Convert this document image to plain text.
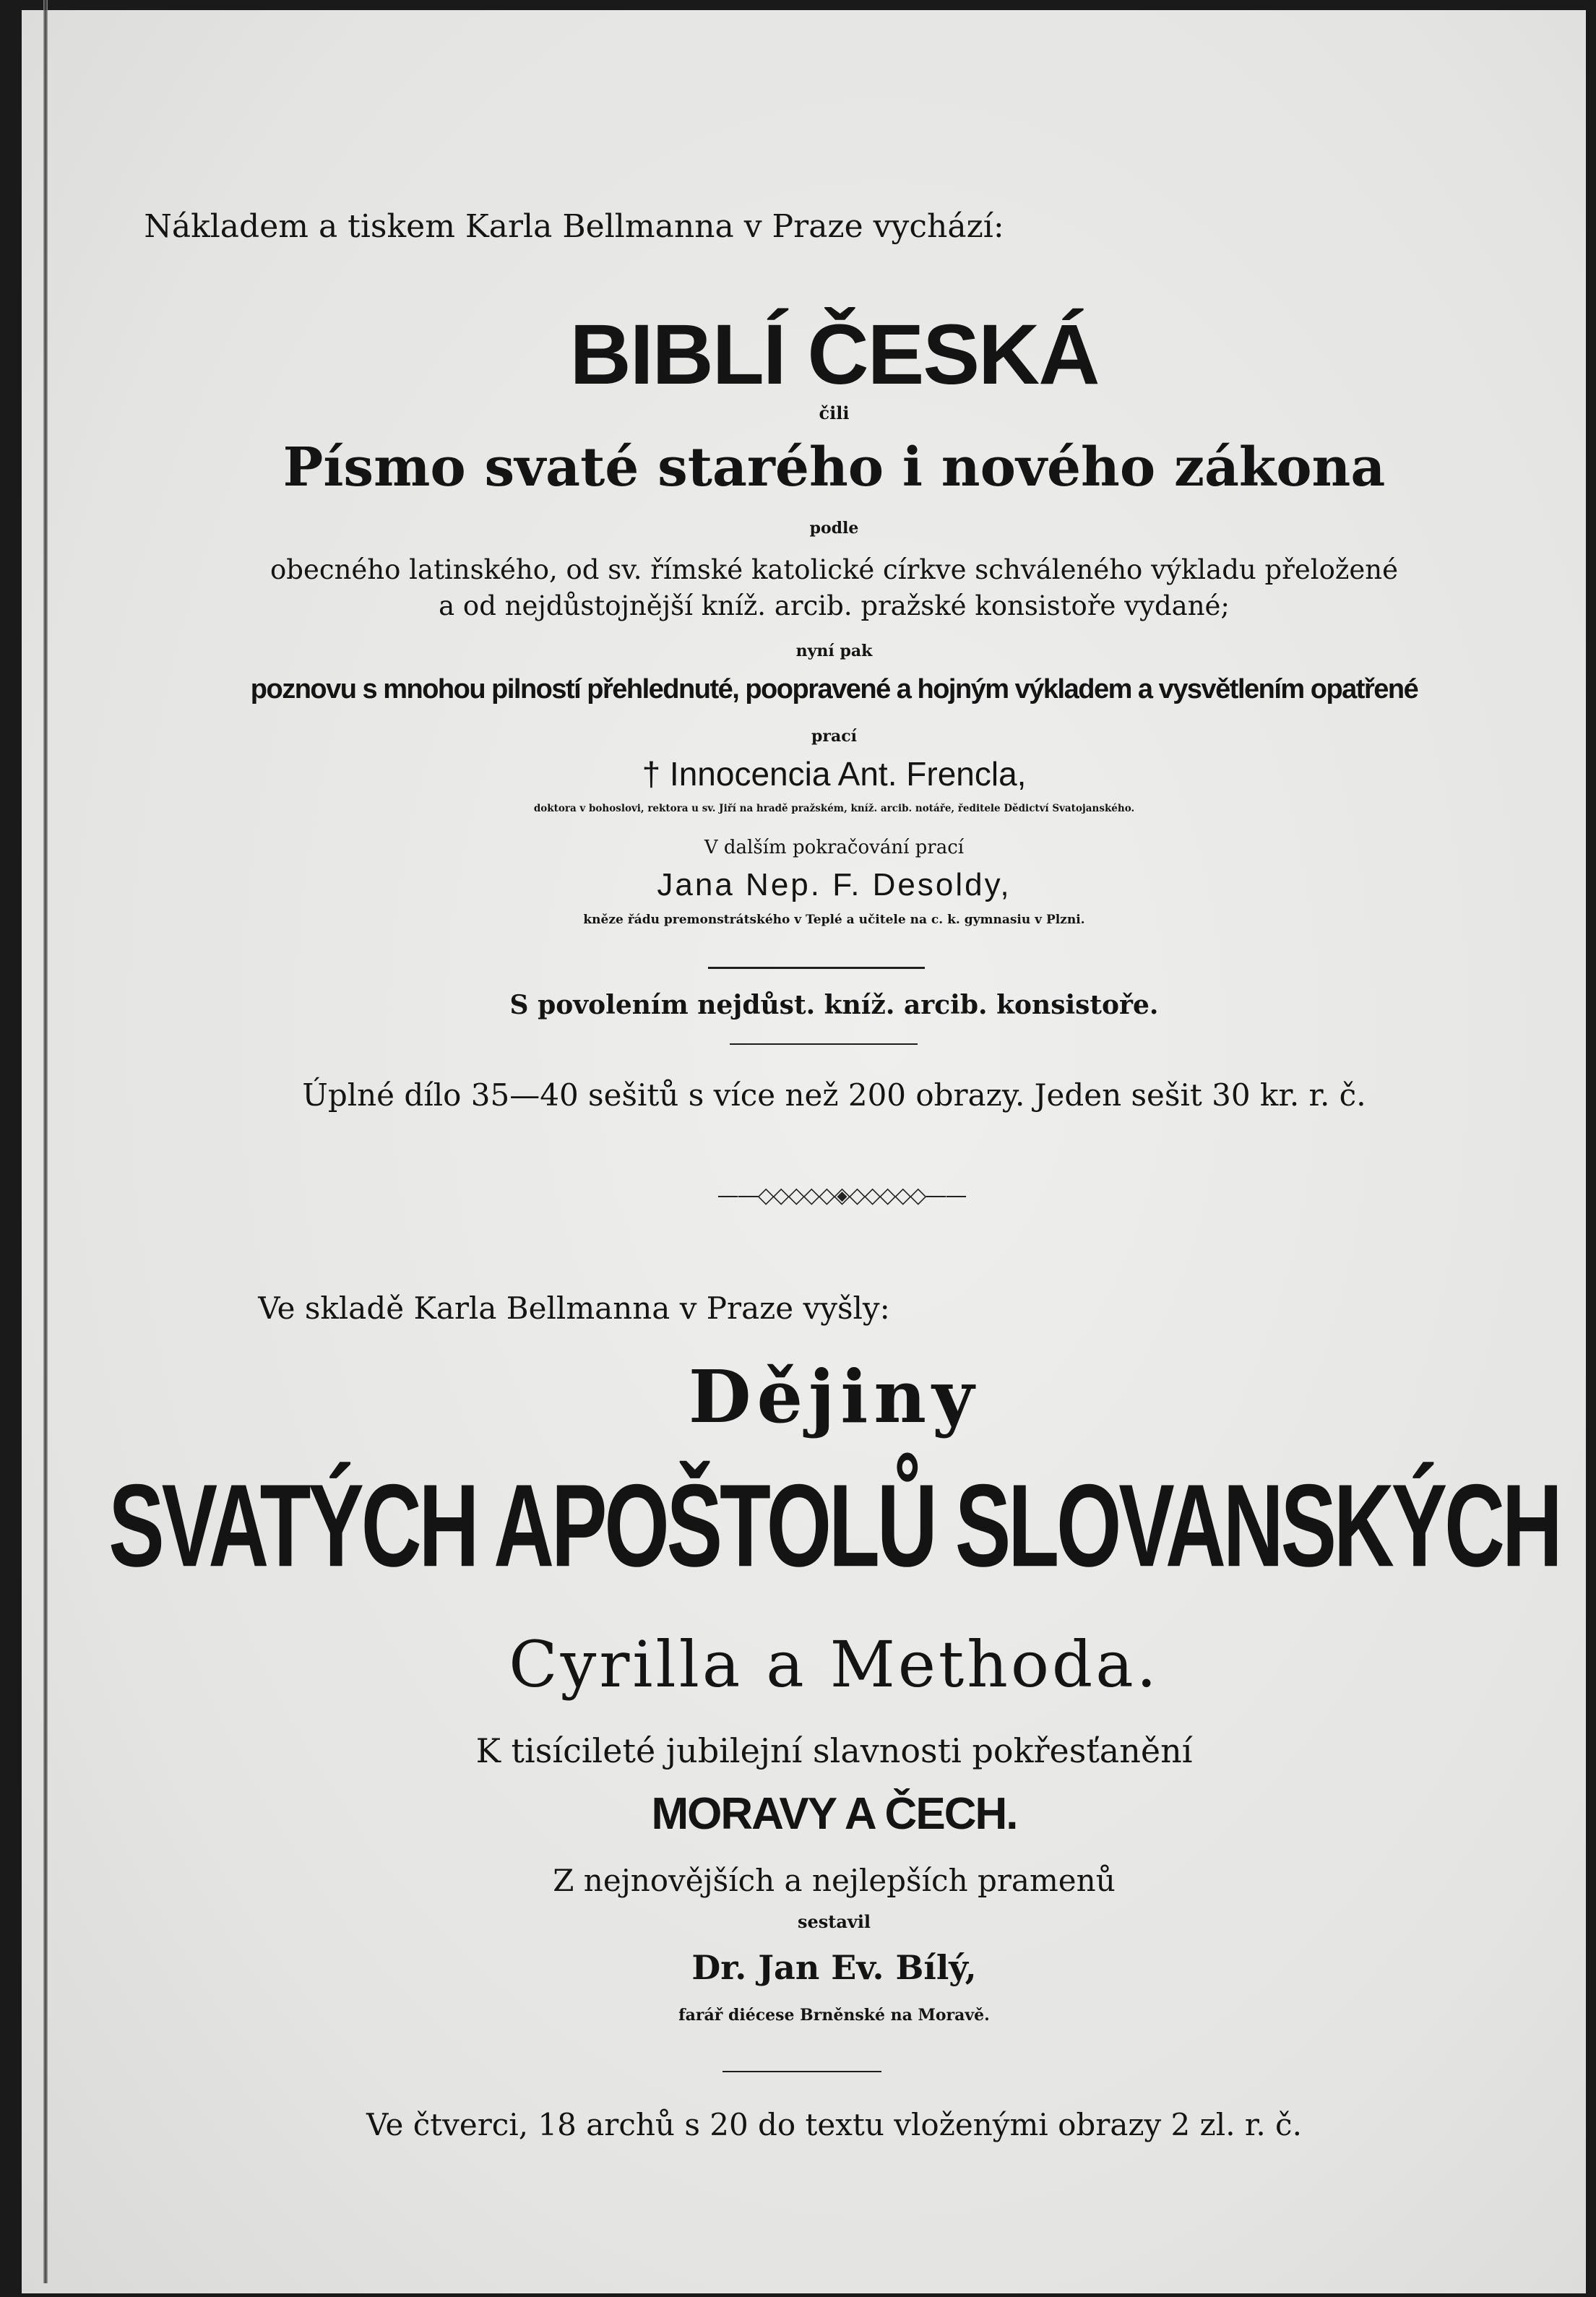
Nákladem a tiskem Karla Bellmanna v Praze vychází:
BIBLÍ ČESKÁ
čili
Písmo svaté starého i nového zákona
podle
obecného latinského, od sv. římské katolické církve schváleného výkladu přeložené
a od nejdůstojnější kníž. arcib. pražské konsistoře vydané;
nyní pak
poznovu s mnohou pilností přehlednuté, poopravené a hojným výkladem a vysvětlením opatřené
prací
† Innocencia Ant. Frencla,
doktora v bohoslovi, rektora u sv. Jiří na hradě pražském, kníž. arcib. notáře, ředitele Dědictví Svatojanského.
V dalším pokračování prací
Jana Nep. F. Desoldy,
kněze řádu premonstrátského v Teplé a učitele na c. k. gymnasiu v Plzni.
S povolením nejdůst. kníž. arcib. konsistoře.
Úplné dílo 35—40 sešitů s více než 200 obrazy. Jeden sešit 30 kr. r. č.
——◇◇◇◇◇◈◇◇◇◇◇——
Ve skladě Karla Bellmanna v Praze vyšly:
Dějiny
SVATÝCH APOŠTOLŮ SLOVANSKÝCH
Cyrilla a Methoda.
K tisícileté jubilejní slavnosti pokřesťanění
MORAVY A ČECH.
Z nejnovějších a nejlepších pramenů
sestavil
Dr. Jan Ev. Bílý,
farář diécese Brněnské na Moravě.
Ve čtverci, 18 archů s 20 do textu vloženými obrazy 2 zl. r. č.
